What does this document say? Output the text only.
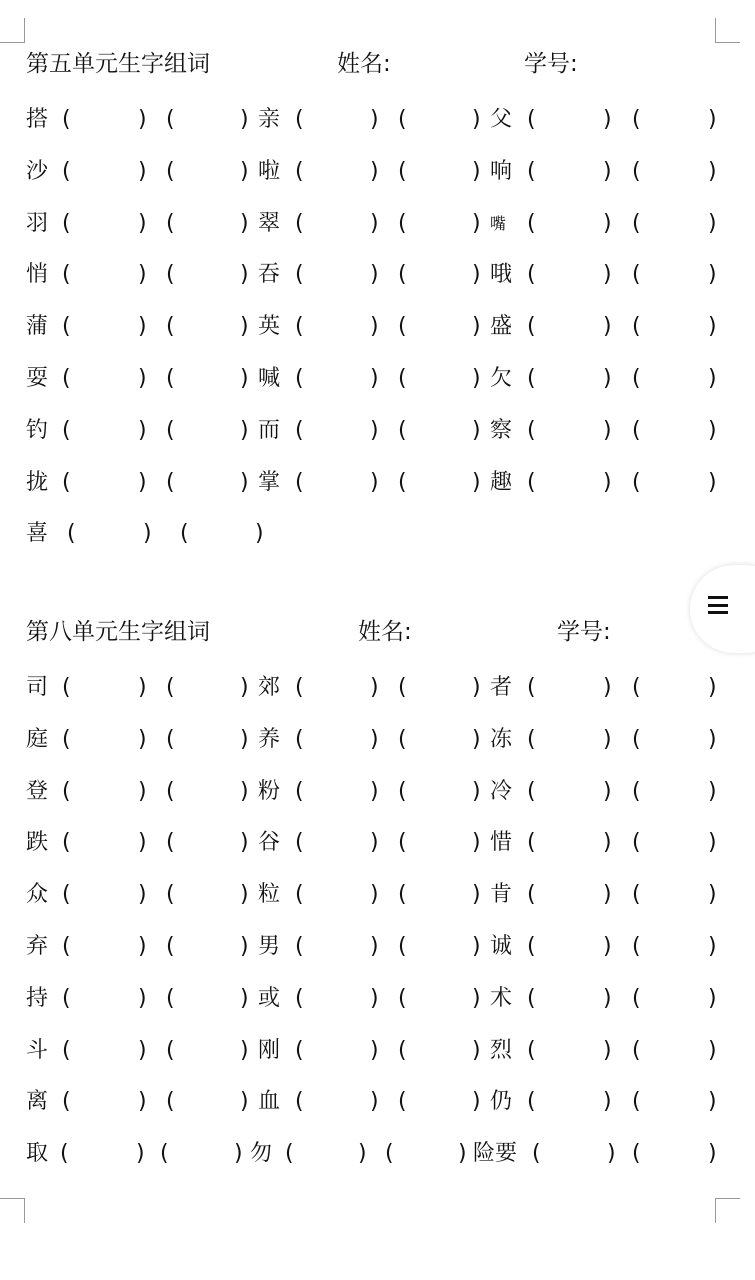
第五单元生字组词	姓名:	学号:
第八单元生字组词	姓名:	学号:
搭 (	) (	) 亲 (	) (	) 父 (	) (	)
沙 (	) (	) 啦 (	) (	) 响 (	) (	)
羽 (	) (	) 翠 (	) (	) 嘴 (	) (	)
悄 (	) (	) 吞 (	) (	) 哦 (	) (	)
蒲 (	) (	) 英 (	) (	) 盛 (	) (	)
耍 (	) (	) 喊 (	) (	) 欠 (	) (	)
钓 (	) (	) 而 (	) (	) 察 (	) (	)
拢 (	) (	) 掌 (	) (	) 趣 (	) (	)
喜 (	) (	)
司 (	) (	) 郊 (	) (	) 者 (	) (	)
庭 (	) (	) 养 (	) (	) 冻 (	) (	)
登 (	) (	) 粉 (	) (	) 冷 (	) (	)
跌 (	) (	) 谷 (	) (	) 惜 (	) (	)
众 (	) (	) 粒 (	) (	) 肯 (	) (	)
弃 (	) (	) 男 (	) (	) 诚 (	) (	)
持 (	) (	) 或 (	) (	) 术 (	) (	)
斗 (	) (	) 刚 (	) (	) 烈 (	) (	)
离 (	) (	) 血 (	) (	) 仍 (	) (	)
取 (	) (	) 勿 (	) (	) 险要 (	) (	)
